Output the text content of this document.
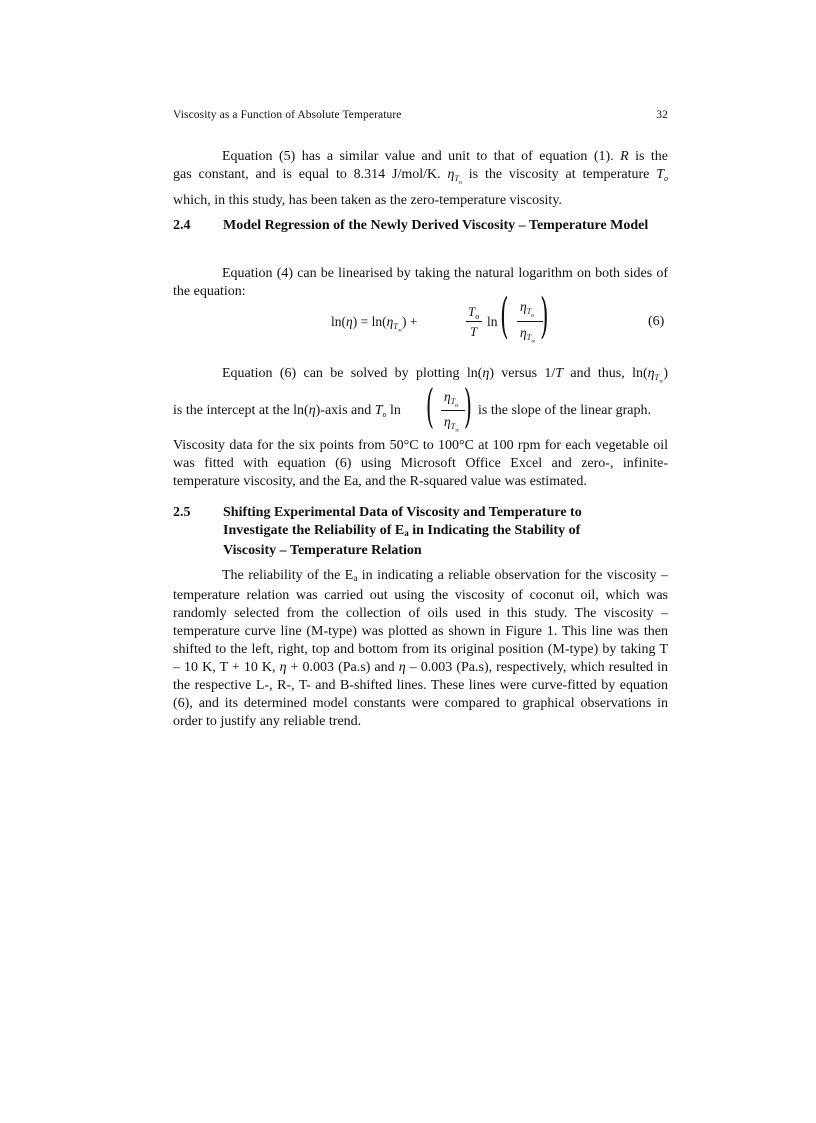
Viscosity as a Function of Absolute Temperature	32
Equation (5) has a similar value and unit to that of equation (1). R is the
gas constant, and is equal to 8.314 J/mol/K. $\eta_{T_o}$ is the viscosity at temperature $T_o$
which, in this study, has been taken as the zero-temperature viscosity.
2.4 Model Regression of the Newly Derived Viscosity – Temperature Model
Equation (4) can be linearised by taking the natural logarithm on both sides of the equation:
$\ln(\eta) = \ln(\eta_{T_\infty})$ +
$T_o$
T
ln ( $\eta_{T_o}$
$\eta_{T_\infty}$ )	(6)
Equation (6) can be solved by plotting ln(η) versus 1/T and thus, $\ln(\eta_{T_\infty})$
is the intercept at the ln(η)-axis and $T_o$ ln ( $\eta_{T_o}$
$\eta_{T_\infty}$ ) is the slope of the linear graph.
Viscosity data for the six points from 50°C to 100°C at 100 rpm for each vegetable oil was fitted with equation (6) using Microsoft Office Excel and zero-, infinite-temperature viscosity, and the Ea, and the R-squared value was estimated.
2.5 Shifting Experimental Data of Viscosity and Temperature to Investigate the Reliability of $E_a$ in Indicating the Stability of Viscosity – Temperature Relation
The reliability of the $E_a$ in indicating a reliable observation for the viscosity – temperature relation was carried out using the viscosity of coconut oil, which was randomly selected from the collection of oils used in this study. The viscosity – temperature curve line (M-type) was plotted as shown in Figure 1. This line was then shifted to the left, right, top and bottom from its original position (M-type) by taking T – 10 K, T + 10 K, η + 0.003 (Pa.s) and η – 0.003 (Pa.s), respectively, which resulted in the respective L-, R-, T- and B-shifted lines. These lines were curve-fitted by equation (6), and its determined model constants were compared to graphical observations in order to justify any reliable trend.
